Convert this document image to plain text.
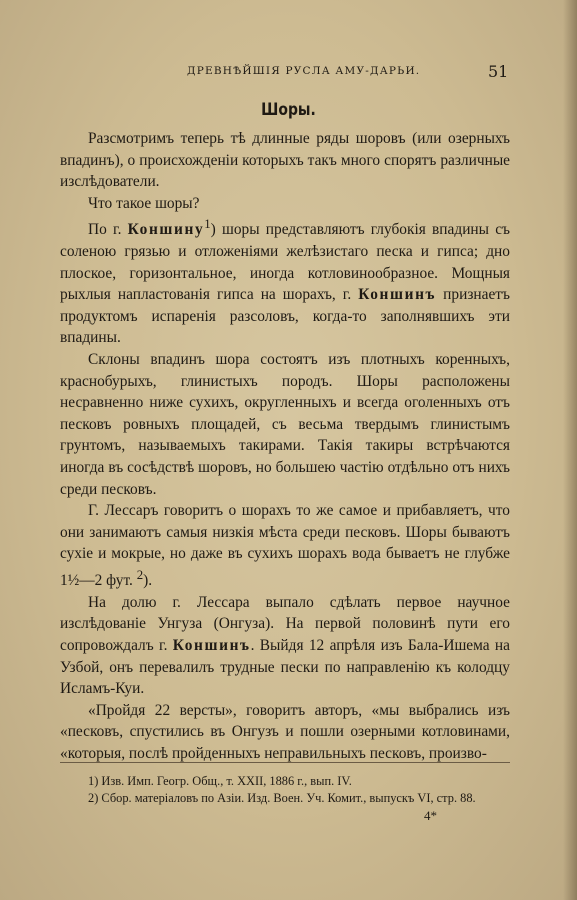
ДРЕВНѢЙШІЯ РУСЛА АМУ-ДАРЬИ.	51
Шоры.

Разсмотримъ теперь тѣ длинные ряды шоровъ (или озерныхъ впадинъ), о происхожденіи которыхъ такъ много спорятъ различные изслѣдователи.

Что такое шоры?

По г. Коншину$^1$) шоры представляютъ глубокія впадины съ соленою грязью и отложеніями желѣзистаго песка и гипса; дно плоское, горизонтальное, иногда котловинообразное. Мощныя рыхлыя напластованія гипса на шорахъ, г. Коншинъ признаетъ продуктомъ испаренія разсоловъ, когда-то заполнявшихъ эти впадины.

Склоны впадинъ шора состоятъ изъ плотныхъ коренныхъ, краснобурыхъ, глинистыхъ породъ. Шоры расположены несравненно ниже сухихъ, округленныхъ и всегда оголенныхъ отъ песковъ ровныхъ площадей, съ весьма твердымъ глинистымъ грунтомъ, называемыхъ такирами. Такія такиры встрѣчаются иногда въ сосѣдствѣ шоровъ, но большею частію отдѣльно отъ нихъ среди песковъ.

Г. Лессаръ говоритъ о шорахъ то же самое и прибавляетъ, что они занимаютъ самыя низкія мѣста среди песковъ. Шоры бываютъ сухіе и мокрые, но даже въ сухихъ шорахъ вода бываетъ не глубже 1½—2 фут. $^2$).

На долю г. Лессара выпало сдѣлать первое научное изслѣдованіе Унгуза (Онгуза). На первой половинѣ пути его сопровождалъ г. Коншинъ. Выйдя 12 апрѣля изъ Бала-Ишема на Узбой, онъ перевалилъ трудные пески по направленію къ колодцу Исламъ-Куи.

«Пройдя 22 версты», говоритъ авторъ, «мы выбрались изъ «песковъ, спустились въ Онгузъ и пошли озерными котловинами, «которыя, послѣ пройденныхъ неправильныхъ песковъ, произво-

1) Изв. Имп. Геогр. Общ., т. XXII, 1886 г., вып. IV.
2) Сбор. матеріаловъ по Азіи. Изд. Воен. Уч. Комит., выпускъ VI, стр. 88.
4*
